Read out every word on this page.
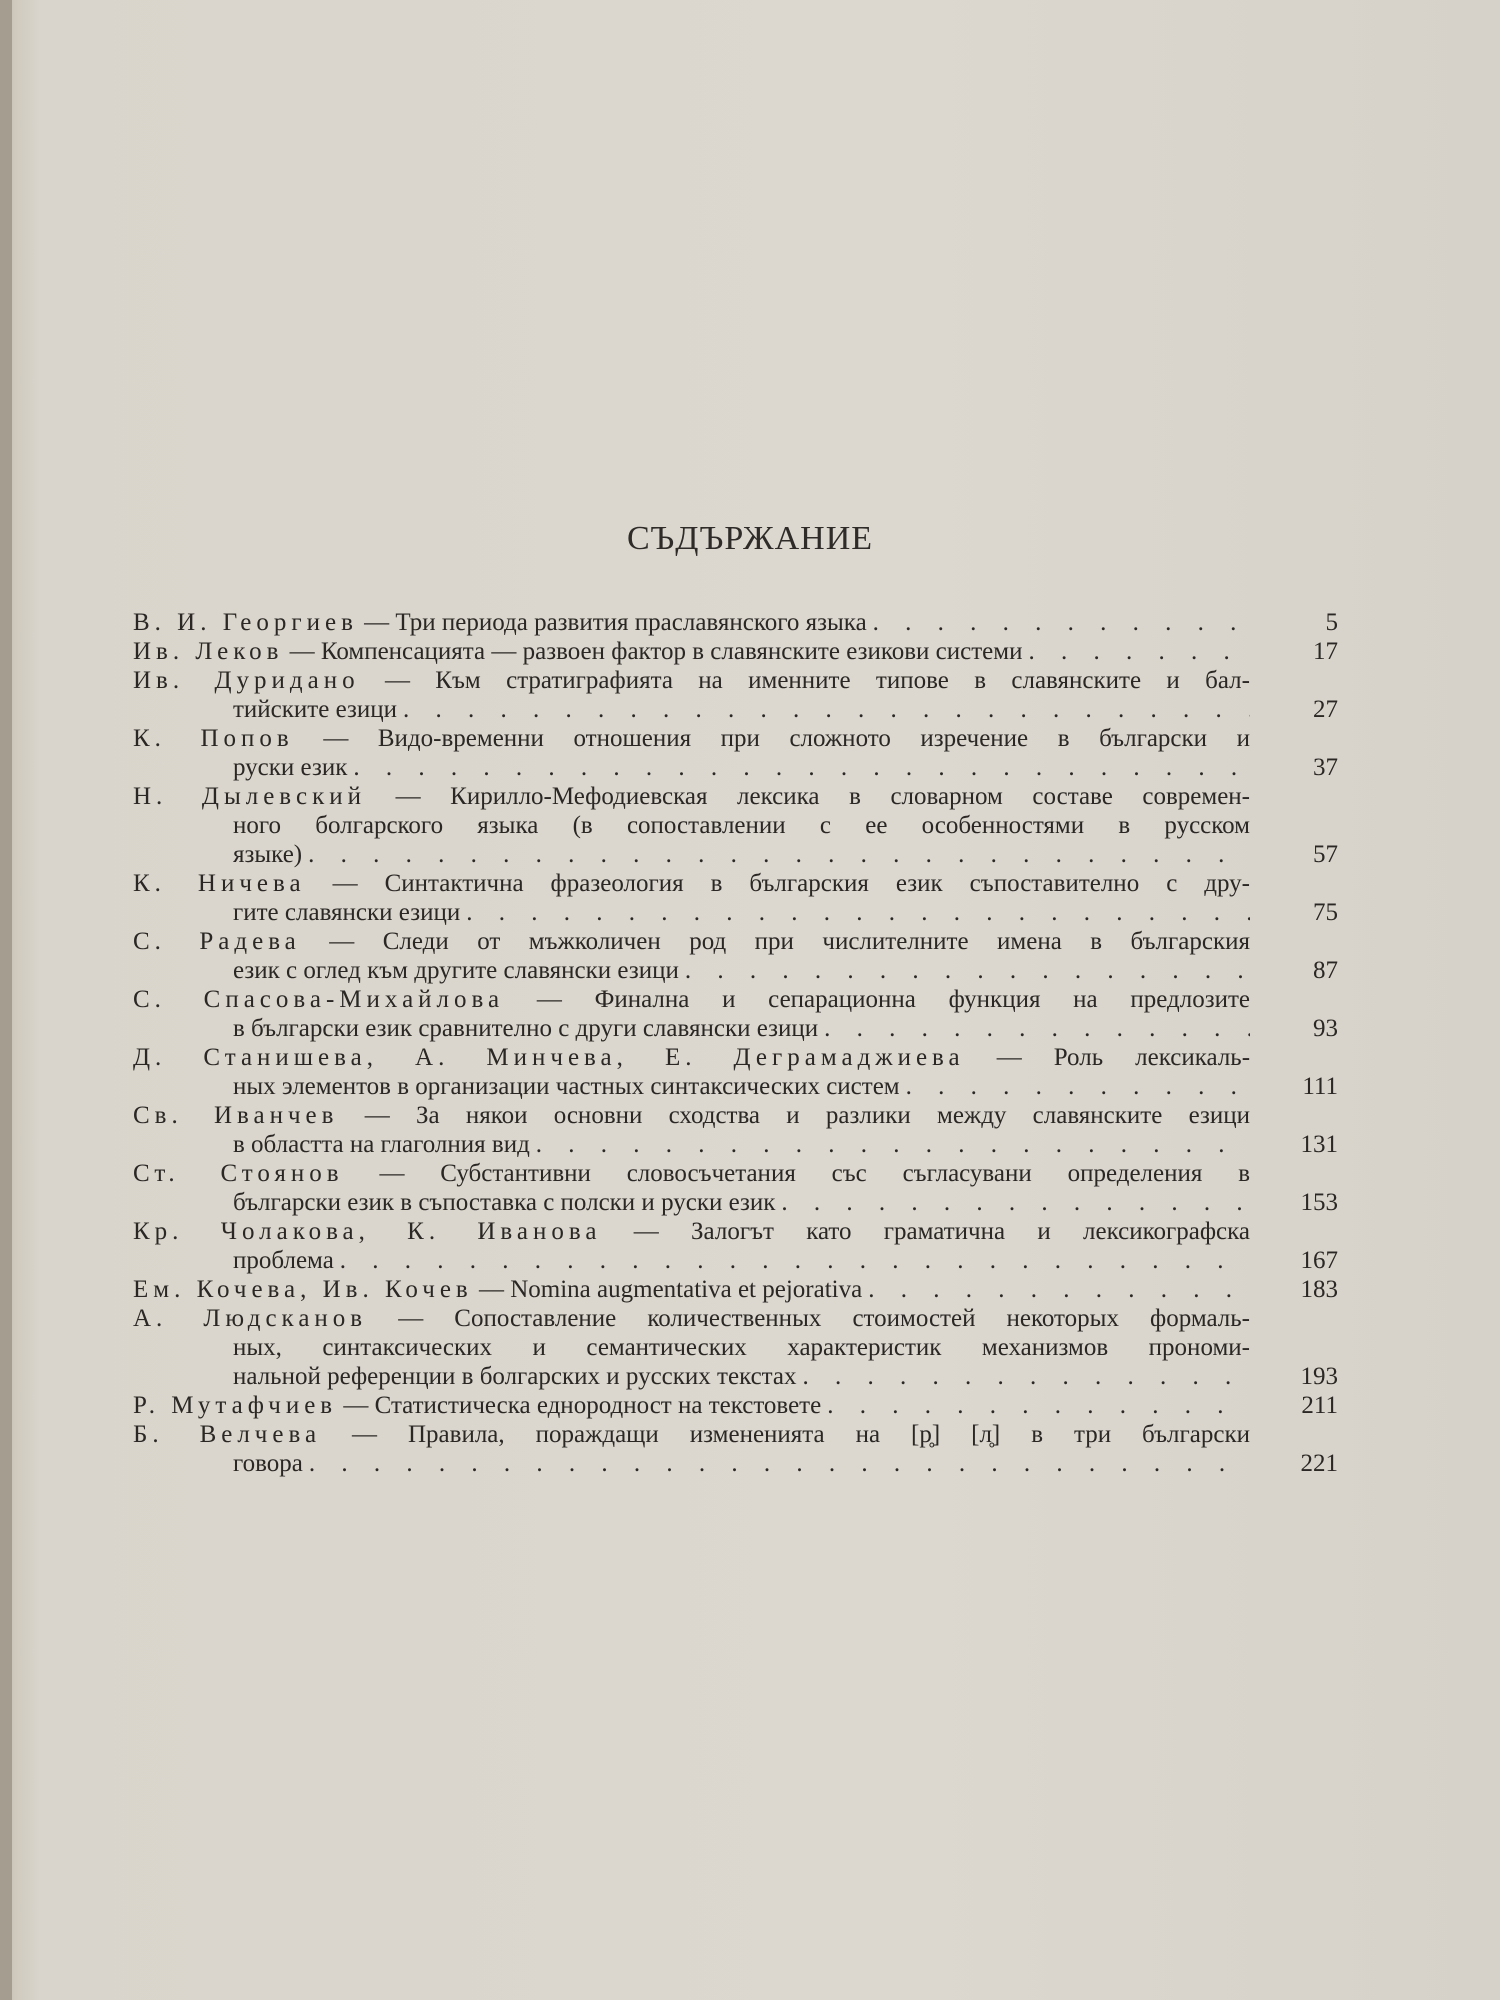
СЪДЪРЖАНИЕ
В. И. Георгиев — Три периода развития праславянского языка . . .	5
Ив. Леков — Компенсацията — развоен фактор в славянските езикови системи . . .	17
Ив. Дуридано — Към стратиграфията на именните типове в славянските и бал-
тийските езици . . .	27
К. Попов — Видо-временни отношения при сложното изречение в български и
руски език . . .	37
Н. Дылевский — Кирилло-Мефодиевская лексика в словарном составе современ-
ного болгарского языка (в сопоставлении с ее особенностями в русском
языке) . . .	57
К. Ничева — Синтактична фразеология в българския език съпоставително с дру-
гите славянски езици . . .	75
С. Радева — Следи от мъжколичен род при числителните имена в българския
език с оглед към другите славянски езици . . .	87
С. Спасова-Михайлова — Финална и сепарационна функция на предлозите
в български език сравнително с други славянски езици . . .	93
Д. Станишева, А. Минчева, Е. Деграмаджиева — Роль лексикаль-
ных элементов в организации частных синтаксических систем . . .	111
Св. Иванчев — За някои основни сходства и разлики между славянските езици
в областта на глаголния вид . . .	131
Ст. Стоянов — Субстантивни словосъчетания със съгласувани определения в
български език в съпоставка с полски и руски език . . .	153
Кр. Чолакова, К. Иванова — Залогът като граматична и лексикографска
проблема . . .	167
Ем. Кочева, Ив. Кочев — Nomina augmentativa et pejorativa . . .	183
А. Людсканов — Сопоставление количественных стоимостей некоторых формаль-
ных, синтаксических и семантических характеристик механизмов прономи-
нальной референции в болгарских и русских текстах . . .	193
Р. Мутафчиев — Статистическа еднородност на текстовете . . .	211
Б. Велчева — Правила, пораждащи измененията на [р̥] [л̥] в три български
говора . . .	221
